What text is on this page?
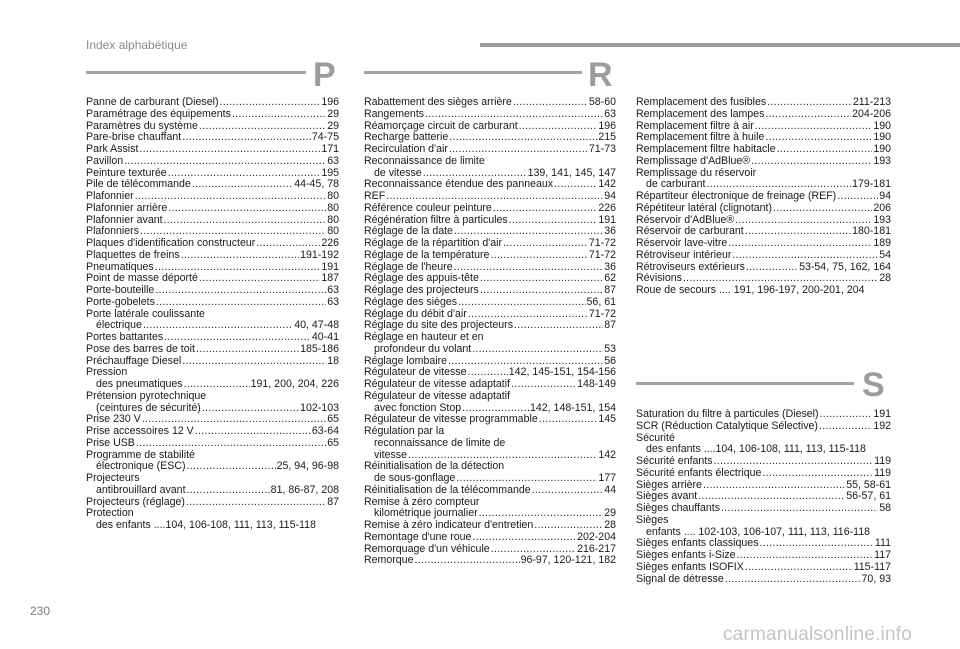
Index alphabétique
P	R
S
Panne de carburant (Diesel) .....	196
Paramétrage des équipements .....	29
Paramètres du système .....	29
Pare-brise chauffant .....	74-75
Park Assist .....	171
Pavillon .....	63
Peinture texturée .....	195
Pile de télécommande .....	44-45, 78
Plafonnier .....	80
Plafonnier arrière .....	80
Plafonnier avant .....	80
Plafonniers .....	80
Plaques d'identification constructeur .....	226
Plaquettes de freins .....	191-192
Pneumatiques .....	191
Point de masse déporté .....	187
Porte-bouteille .....	63
Porte-gobelets .....	63
Porte latérale coulissante
électrique .....	40, 47-48
Portes battantes .....	40-41
Pose des barres de toit .....	185-186
Préchauffage Diesel .....	18
Pression
des pneumatiques .....	191, 200, 204, 226
Prétension pyrotechnique
(ceintures de sécurité) .....	102-103
Prise 230 V .....	65
Prise accessoires 12 V .....	63-64
Prise USB .....	65
Programme de stabilité
électronique (ESC) .....	25, 94, 96-98
Projecteurs
antibrouillard avant .....	81, 86-87, 208
Projecteurs (réglage) .....	87
Protection
des enfants ....104, 106-108, 111, 113, 115-118
Rabattement des sièges arrière .....	58-60
Rangements .....	63
Réamorçage circuit de carburant .....	196
Recharge batterie .....	215
Recirculation d'air .....	71-73
Reconnaissance de limite
de vitesse .....	139, 141, 145, 147
Reconnaissance étendue des panneaux .....	142
REF .....	94
Référence couleur peinture .....	226
Régénération filtre à particules .....	191
Réglage de la date .....	36
Réglage de la répartition d'air .....	71-72
Réglage de la température .....	71-72
Réglage de l'heure .....	36
Réglage des appuis-tête .....	62
Réglage des projecteurs .....	87
Réglage des sièges .....	56, 61
Réglage du débit d'air .....	71-72
Réglage du site des projecteurs .....	87
Réglage en hauteur et en
profondeur du volant .....	53
Réglage lombaire .....	56
Régulateur de vitesse .....	142, 145-151, 154-156
Régulateur de vitesse adaptatif .....	148-149
Régulateur de vitesse adaptatif
avec fonction Stop .....	142, 148-151, 154
Régulateur de vitesse programmable .....	145
Régulation par la
reconnaissance de limite de
vitesse .....	142
Réinitialisation de la détection
de sous-gonflage .....	177
Réinitialisation de la télécommande .....	44
Remise à zéro compteur
kilométrique journalier .....	29
Remise à zéro indicateur d'entretien .....	28
Remontage d'une roue .....	202-204
Remorquage d'un véhicule .....	216-217
Remorque .....	96-97, 120-121, 182
Remplacement des fusibles .....	211-213
Remplacement des lampes .....	204-206
Remplacement filtre à air .....	190
Remplacement filtre à huile .....	190
Remplacement filtre habitacle .....	190
Remplissage d'AdBlue® .....	193
Remplissage du réservoir
de carburant .....	179-181
Répartiteur électronique de freinage (REF) .....	94
Répétiteur latéral (clignotant) .....	206
Réservoir d'AdBlue® .....	193
Réservoir de carburant .....	180-181
Réservoir lave-vitre .....	189
Rétroviseur intérieur .....	54
Rétroviseurs extérieurs .....	53-54, 75, 162, 164
Révisions .....	28
Roue de secours .... 191, 196-197, 200-201, 204
Saturation du filtre à particules (Diesel) .....	191
SCR (Réduction Catalytique Sélective) .....	192
Sécurité
des enfants ....104, 106-108, 111, 113, 115-118
Sécurité enfants .....	119
Sécurité enfants électrique .....	119
Sièges arrière .....	55, 58-61
Sièges avant .....	56-57, 61
Sièges chauffants .....	58
Sièges
enfants .... 102-103, 106-107, 111, 113, 116-118
Sièges enfants classiques .....	111
Sièges enfants i-Size .....	117
Sièges enfants ISOFIX .....	115-117
Signal de détresse .....	70, 93
230
carmanualsonline.info
